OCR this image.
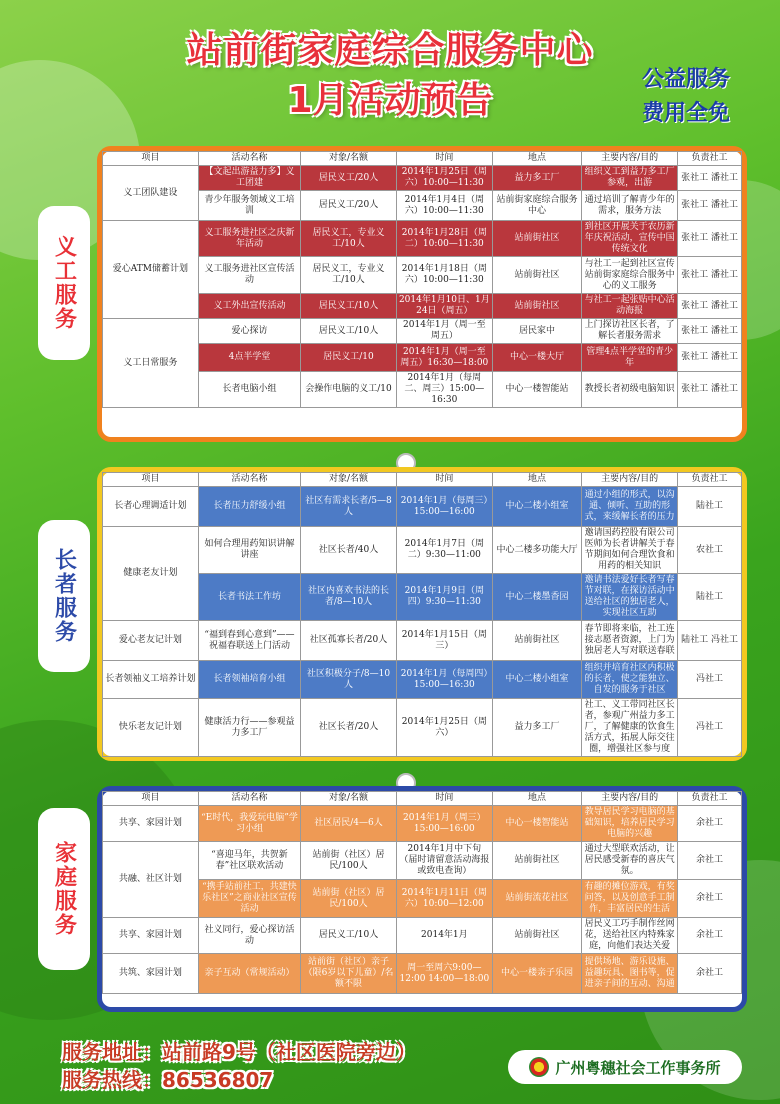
站前街家庭综合服务中心
1月活动预告
公益服务
费用全免
义工服务
项目	活动名称	对象/名额	时间	地点	主要内容/目的	负责社工
义工团队建设	【文起出游益力多】义工团建	居民义工/20人	2014年1月25日（周六）10:00—11:30	益力多工厂	组织义工到益力多工厂参观，出游	张社工 潘社工
	青少年服务领域义工培训	居民义工/20人	2014年1月4日（周六）10:00—11:30	站前街家庭综合服务中心	通过培训了解青少年的需求，服务方法	张社工 潘社工
爱心ATM储蓄计划	义工服务进社区之庆新年活动	居民义工，专业义工/10人	2014年1月28日（周二）10:00—11:30	站前街社区	到社区开展关于农历新年庆祝活动，宣传中国传统文化	张社工 潘社工
	义工服务进社区宣传活动	居民义工，专业义工/10人	2014年1月18日（周六）10:00—11:30	站前街社区	与社工一起到社区宣传站前街家庭综合服务中心的义工服务	张社工 潘社工
	义工外出宣传活动	居民义工/10人	2014年1月10日、1月24日（周五）	站前街社区	与社工一起张贴中心活动海报	张社工 潘社工
义工日常服务	爱心探访	居民义工/10人	2014年1月（周一至周五）	居民家中	上门探访社区长者，了解长者服务需求	张社工 潘社工
	4点半学堂	居民义工/10	2014年1月（周一至周五）16:30—18:00	中心一楼大厅	管理4点半学堂的青少年	张社工 潘社工
	长者电脑小组	会操作电脑的义工/10	2014年1月（每周二、周三）15:00—16:30	中心一楼智能站	教授长者初级电脑知识	张社工 潘社工
长者服务
项目	活动名称	对象/名额	时间	地点	主要内容/目的	负责社工
长者心理调适计划	长者压力舒缓小组	社区有需求长者/5—8人	2014年1月（每周三）15:00—16:00	中心二楼小组室	通过小组的形式，以沟通、倾听、互助的形式，来缓解长者的压力	陆社工
健康老友计划	如何合理用药知识讲解讲座	社区长者/40人	2014年1月7日（周二）9:30—11:00	中心二楼多功能大厅	邀请国药控股有限公司医师为长者讲解关于春节期间如何合理饮食和用药的相关知识	农社工
	长者书法工作坊	社区内喜欢书法的长者/8—10人	2014年1月9日（周四）9:30—11:30	中心二楼墨香园	邀请书法爱好长者写春节对联，在探访活动中送给社区的独居老人，实现社区互助	陆社工
爱心老友记计划	“福到春到心意到”——祝福春联送上门活动	社区孤寡长者/20人	2014年1月15日（周三）	站前街社区	春节即将来临，社工连接志愿者资源，上门为独居老人写对联送春联	陆社工 冯社工
长者领袖义工培养计划	长者领袖培育小组	社区积极分子/8—10人	2014年1月（每周四）15:00—16:30	中心二楼小组室	组织并培育社区内积极的长者，使之能独立、自发的服务于社区	冯社工
快乐老友记计划	健康活力行——参观益力多工厂	社区长者/20人	2014年1月25日（周六）	益力多工厂	社工、义工带同社区长者，参观广州益力多工厂，了解健康的饮食生活方式，拓展人际交往圈，增强社区参与度	冯社工
家庭服务
项目	活动名称	对象/名额	时间	地点	主要内容/目的	负责社工
共享、家园计划	“E时代，我爱玩电脑”学习小组	社区居民/4—6人	2014年1月（周三）15:00—16:00	中心一楼智能站	教导居民学习电脑的基础知识，培养居民学习电脑的兴趣	余社工
共融、社区计划	“喜迎马年，共贺新春”社区联欢活动	站前街（社区）居民/100人	2014年1月中下旬（届时请留意活动海报或致电查询）	站前街社区	通过大型联欢活动，让居民感受新春的喜庆气氛。	余社工
	“携手站前社工，共建快乐社区”之商业社区宣传活动	站前街（社区）居民/100人	2014年1月11日（周六）10:00—12:00	站前街流花社区	有趣的摊位游戏，有奖问答，以及创意手工制作，丰富居民的生活	余社工
共享、家园计划	社义同行，爱心探访活动	居民义工/10人	2014年1月	站前街社区	居民义工巧手制作丝网花，送给社区内特殊家庭，向他们表达关爱	余社工
共筑、家园计划	亲子互动（常规活动）	站前街（社区）亲子（限6岁以下儿童）/名额不限	周一至周六9:00—12:00 14:00—18:00	中心一楼亲子乐园	提供场地、游乐设施、益趣玩具、图书等，促进亲子间的互动、沟通	余社工
服务地址：站前路9号（社区医院旁边）
服务热线：86536807
广州粤穗社会工作事务所
